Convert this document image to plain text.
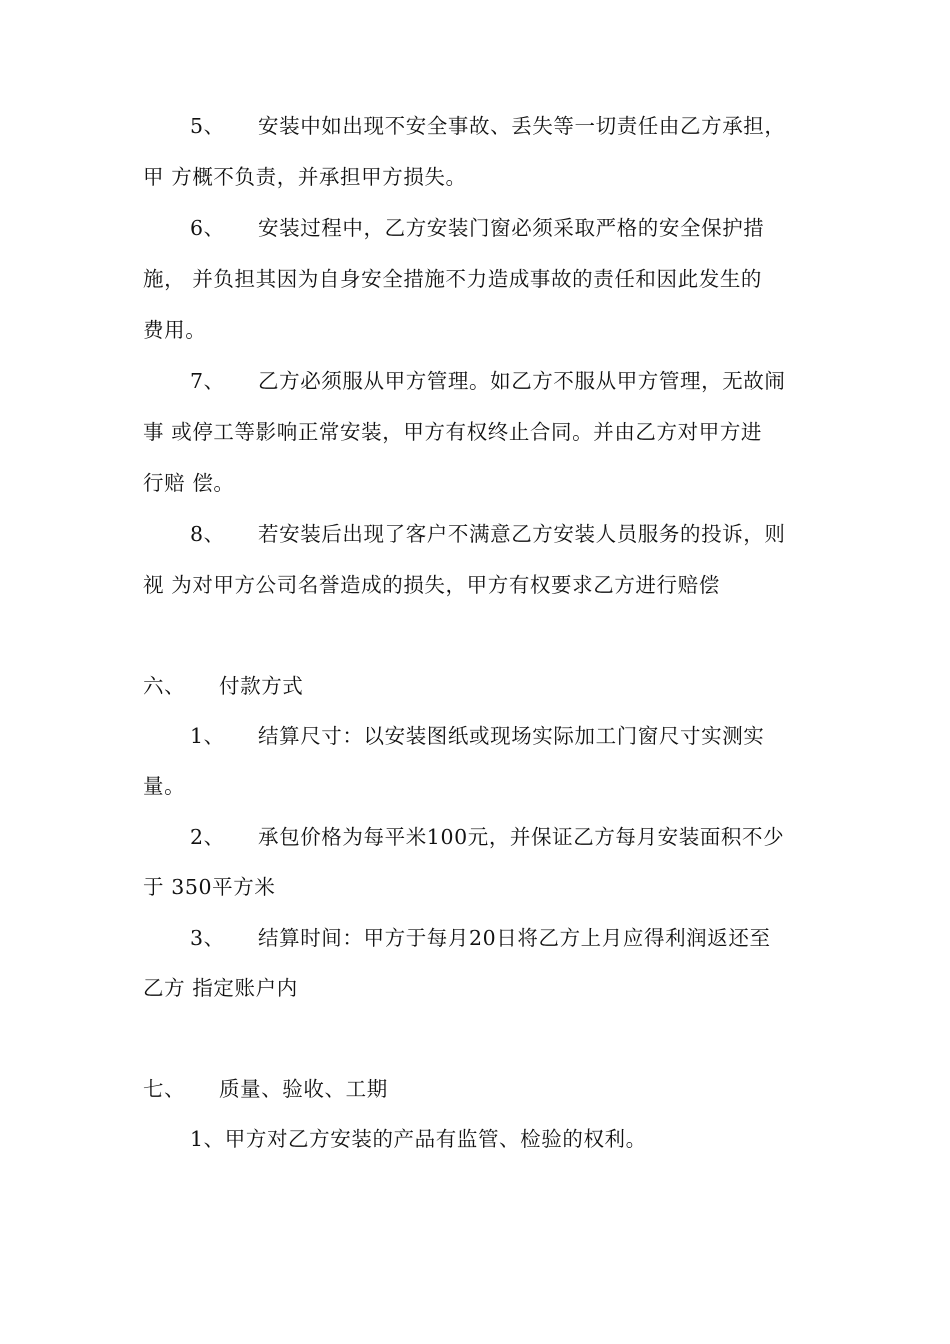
5、 安装中如出现不安全事故、丢失等一切责任由乙方承担，
甲 方概不负责，并承担甲方损失。
6、 安装过程中，乙方安装门窗必须采取严格的安全保护措
施， 并负担其因为自身安全措施不力造成事故的责任和因此发生的
费用。
7、 乙方必须服从甲方管理。如乙方不服从甲方管理，无故闹
事 或停工等影响正常安装，甲方有权终止合同。并由乙方对甲方进
行赔 偿。
8、 若安装后出现了客户不满意乙方安装人员服务的投诉，则
视 为对甲方公司名誉造成的损失，甲方有权要求乙方进行赔偿
六、 付款方式
1、 结算尺寸：以安装图纸或现场实际加工门窗尺寸实测实
量。
2、 承包价格为每平米100元，并保证乙方每月安装面积不少
于 350平方米
3、 结算时间：甲方于每月20日将乙方上月应得利润返还至
乙方 指定账户内
七、 质量、验收、工期
1、甲方对乙方安装的产品有监管、检验的权利。
